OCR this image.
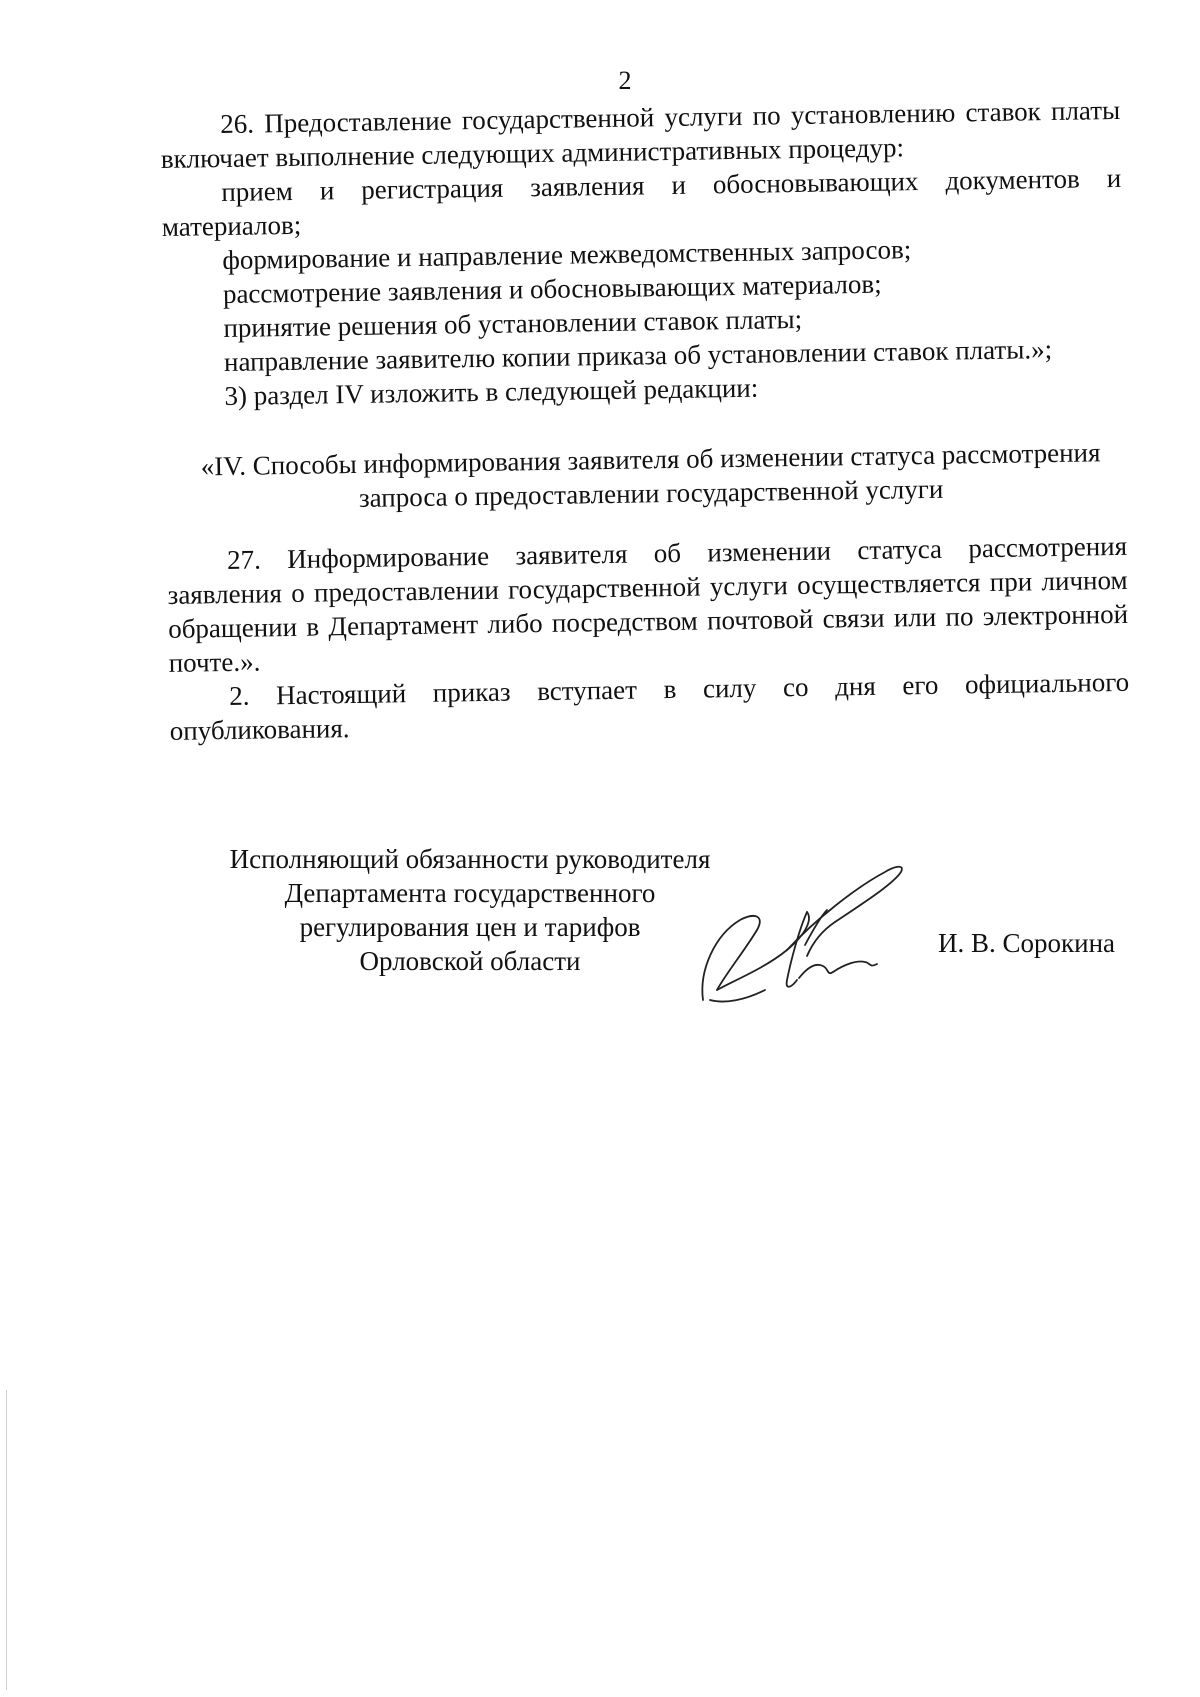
2

26. Предоставление государственной услуги по установлению ставок платы включает выполнение следующих административных процедур:

прием и регистрация заявления и обосновывающих документов и материалов;

формирование и направление межведомственных запросов;

рассмотрение заявления и обосновывающих материалов;

принятие решения об установлении ставок платы;

направление заявителю копии приказа об установлении ставок платы.»;

3) раздел IV изложить в следующей редакции:

«IV. Способы информирования заявителя об изменении статуса рассмотрения запроса о предоставлении государственной услуги

27. Информирование заявителя об изменении статуса рассмотрения заявления о предоставлении государственной услуги осуществляется при личном обращении в Департамент либо посредством почтовой связи или по электронной почте.».

2. Настоящий приказ вступает в силу со дня его официального опубликования.

Исполняющий обязанности руководителя

Департамента государственного

регулирования цен и тарифов

Орловской области

И. В. Сорокина
